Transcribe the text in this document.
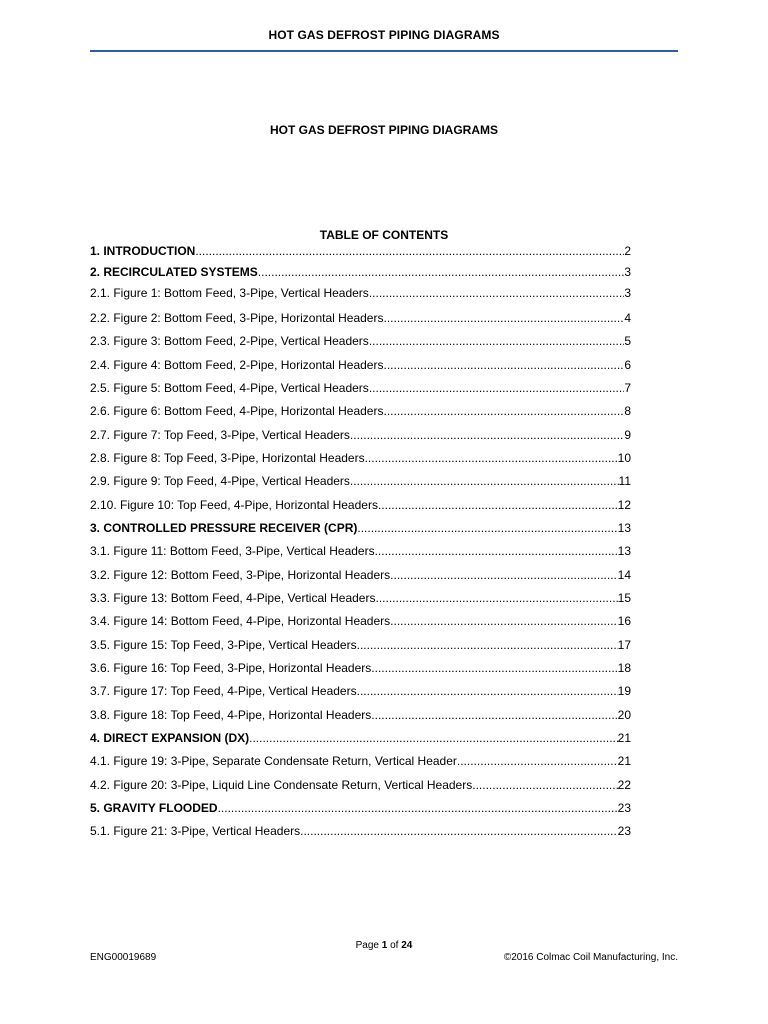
HOT GAS DEFROST PIPING DIAGRAMS
HOT GAS DEFROST PIPING DIAGRAMS
TABLE OF CONTENTS
1. INTRODUCTION .....	2
2. RECIRCULATED SYSTEMS .....	3
2.1. Figure 1: Bottom Feed, 3-Pipe, Vertical Headers .....	3
2.2. Figure 2: Bottom Feed, 3-Pipe, Horizontal Headers .....	4
2.3. Figure 3: Bottom Feed, 2-Pipe, Vertical Headers .....	5
2.4. Figure 4: Bottom Feed, 2-Pipe, Horizontal Headers .....	6
2.5. Figure 5: Bottom Feed, 4-Pipe, Vertical Headers .....	7
2.6. Figure 6: Bottom Feed, 4-Pipe, Horizontal Headers .....	8
2.7. Figure 7: Top Feed, 3-Pipe, Vertical Headers .....	9
2.8. Figure 8: Top Feed, 3-Pipe, Horizontal Headers .....	10
2.9. Figure 9: Top Feed, 4-Pipe, Vertical Headers .....	11
2.10. Figure 10: Top Feed, 4-Pipe, Horizontal Headers .....	12
3. CONTROLLED PRESSURE RECEIVER (CPR) .....	13
3.1. Figure 11: Bottom Feed, 3-Pipe, Vertical Headers .....	13
3.2. Figure 12: Bottom Feed, 3-Pipe, Horizontal Headers .....	14
3.3. Figure 13: Bottom Feed, 4-Pipe, Vertical Headers .....	15
3.4. Figure 14: Bottom Feed, 4-Pipe, Horizontal Headers .....	16
3.5. Figure 15: Top Feed, 3-Pipe, Vertical Headers .....	17
3.6. Figure 16: Top Feed, 3-Pipe, Horizontal Headers .....	18
3.7. Figure 17: Top Feed, 4-Pipe, Vertical Headers .....	19
3.8. Figure 18: Top Feed, 4-Pipe, Horizontal Headers .....	20
4. DIRECT EXPANSION (DX) .....	21
4.1. Figure 19: 3-Pipe, Separate Condensate Return, Vertical Header .....	21
4.2. Figure 20: 3-Pipe, Liquid Line Condensate Return, Vertical Headers .....	22
5. GRAVITY FLOODED .....	23
5.1. Figure 21: 3-Pipe, Vertical Headers .....	23
Page 1 of 24
ENG00019689	©2016 Colmac Coil Manufacturing, Inc.
